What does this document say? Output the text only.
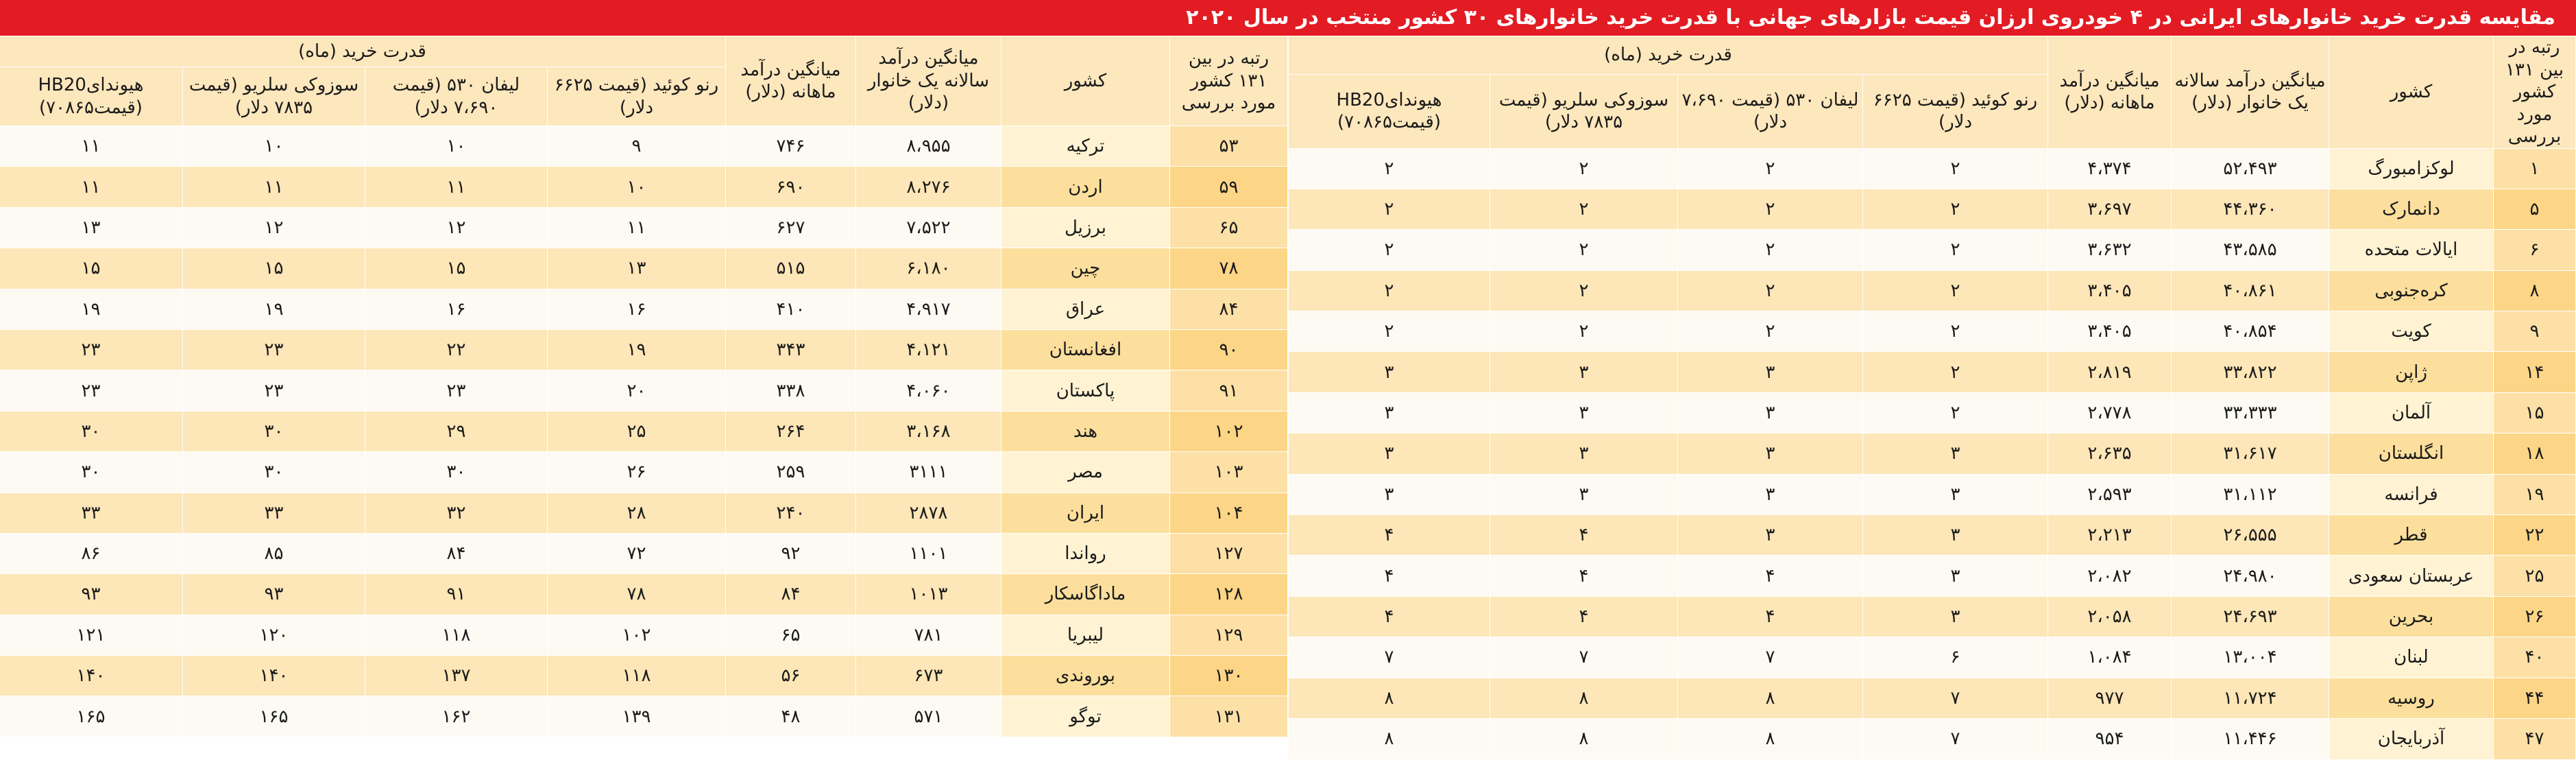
مقایسه قدرت خرید خانوارهای ایرانی در ۴ خودروی ارزان قیمت بازارهای جهانی با قدرت خرید خانوارهای ۳۰ کشور منتخب در سال ۲۰۲۰
رتبه در بین ۱۳۱ کشور مورد بررسی	کشور	میانگین درآمد سالانه یک خانوار (دلار)	میانگین درآمد ماهانه (دلار)	قدرت خرید (ماه)			
				رنو کوئید (قیمت ۶۶۲۵ دلار)	لیفان ۵۳۰ (قیمت ۷،۶۹۰ دلار)	سوزوکی سلریو (قیمت ۷۸۳۵ دلار)	هیوندایHB20 (قیمت۷۰۸۶۵)
۱	لوکزامبورگ	۵۲،۴۹۳	۴،۳۷۴	۲	۲	۲	۲
۵	دانمارک	۴۴،۳۶۰	۳،۶۹۷	۲	۲	۲	۲
۶	ایالات متحده	۴۳،۵۸۵	۳،۶۳۲	۲	۲	۲	۲
۸	کره‌جنوبی	۴۰،۸۶۱	۳،۴۰۵	۲	۲	۲	۲
۹	کویت	۴۰،۸۵۴	۳،۴۰۵	۲	۲	۲	۲
۱۴	ژاپن	۳۳،۸۲۲	۲،۸۱۹	۲	۳	۳	۳
۱۵	آلمان	۳۳،۳۳۳	۲،۷۷۸	۲	۳	۳	۳
۱۸	انگلستان	۳۱،۶۱۷	۲،۶۳۵	۳	۳	۳	۳
۱۹	فرانسه	۳۱،۱۱۲	۲،۵۹۳	۳	۳	۳	۳
۲۲	قطر	۲۶،۵۵۵	۲،۲۱۳	۳	۳	۴	۴
۲۵	عربستان سعودی	۲۴،۹۸۰	۲،۰۸۲	۳	۴	۴	۴
۲۶	بحرین	۲۴،۶۹۳	۲،۰۵۸	۳	۴	۴	۴
۴۰	لبنان	۱۳،۰۰۴	۱،۰۸۴	۶	۷	۷	۷
۴۴	روسیه	۱۱،۷۲۴	۹۷۷	۷	۸	۸	۸
۴۷	آذربایجان	۱۱،۴۴۶	۹۵۴	۷	۸	۸	۸
رتبه در بین ۱۳۱ کشور مورد بررسی	کشور	میانگین درآمد سالانه یک خانوار (دلار)	میانگین درآمد ماهانه (دلار)	قدرت خرید (ماه)			
				رنو کوئید (قیمت ۶۶۲۵ دلار)	لیفان ۵۳۰ (قیمت ۷،۶۹۰ دلار)	سوزوکی سلریو (قیمت ۷۸۳۵ دلار)	هیوندایHB20 (قیمت۷۰۸۶۵)
۵۳	ترکیه	۸،۹۵۵	۷۴۶	۹	۱۰	۱۰	۱۱
۵۹	اردن	۸،۲۷۶	۶۹۰	۱۰	۱۱	۱۱	۱۱
۶۵	برزیل	۷،۵۲۲	۶۲۷	۱۱	۱۲	۱۲	۱۳
۷۸	چین	۶،۱۸۰	۵۱۵	۱۳	۱۵	۱۵	۱۵
۸۴	عراق	۴،۹۱۷	۴۱۰	۱۶	۱۶	۱۹	۱۹
۹۰	افغانستان	۴،۱۲۱	۳۴۳	۱۹	۲۲	۲۳	۲۳
۹۱	پاکستان	۴،۰۶۰	۳۳۸	۲۰	۲۳	۲۳	۲۳
۱۰۲	هند	۳،۱۶۸	۲۶۴	۲۵	۲۹	۳۰	۳۰
۱۰۳	مصر	۳۱۱۱	۲۵۹	۲۶	۳۰	۳۰	۳۰
۱۰۴	ایران	۲۸۷۸	۲۴۰	۲۸	۳۲	۳۳	۳۳
۱۲۷	رواندا	۱۱۰۱	۹۲	۷۲	۸۴	۸۵	۸۶
۱۲۸	ماداگاسکار	۱۰۱۳	۸۴	۷۸	۹۱	۹۳	۹۳
۱۲۹	لیبریا	۷۸۱	۶۵	۱۰۲	۱۱۸	۱۲۰	۱۲۱
۱۳۰	بوروندی	۶۷۳	۵۶	۱۱۸	۱۳۷	۱۴۰	۱۴۰
۱۳۱	توگو	۵۷۱	۴۸	۱۳۹	۱۶۲	۱۶۵	۱۶۵
